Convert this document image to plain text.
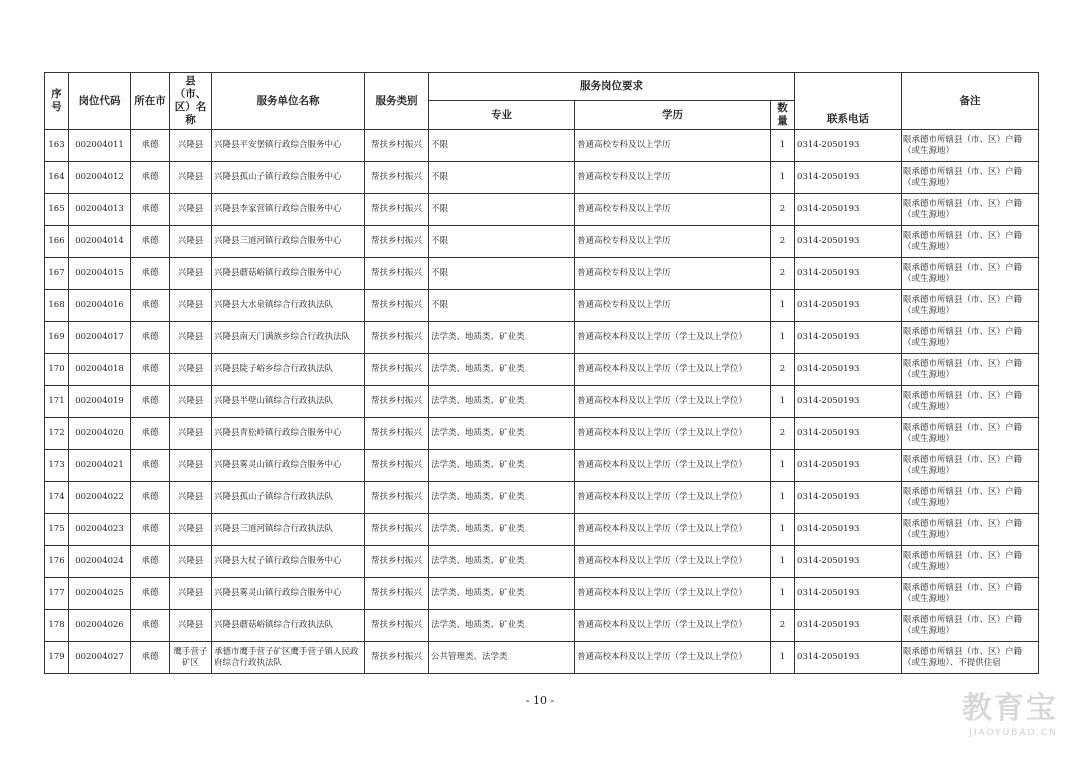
序号	岗位代码	所在市	县（市、区）名称	服务单位名称	服务类别	服务岗位要求			联系电话	备注
						专业	学历	数量		
163	002004011	承德	兴隆县	兴隆县平安堡镇行政综合服务中心	帮扶乡村振兴	不限	普通高校专科及以上学历	1	0314-2050193	限承德市所辖县（市、区）户籍（或生源地）
164	002004012	承德	兴隆县	兴隆县孤山子镇行政综合服务中心	帮扶乡村振兴	不限	普通高校专科及以上学历	1	0314-2050193	限承德市所辖县（市、区）户籍（或生源地）
165	002004013	承德	兴隆县	兴隆县李家营镇行政综合服务中心	帮扶乡村振兴	不限	普通高校专科及以上学历	2	0314-2050193	限承德市所辖县（市、区）户籍（或生源地）
166	002004014	承德	兴隆县	兴隆县三道河镇行政综合服务中心	帮扶乡村振兴	不限	普通高校专科及以上学历	2	0314-2050193	限承德市所辖县（市、区）户籍（或生源地）
167	002004015	承德	兴隆县	兴隆县蘑菇峪镇行政综合服务中心	帮扶乡村振兴	不限	普通高校专科及以上学历	2	0314-2050193	限承德市所辖县（市、区）户籍（或生源地）
168	002004016	承德	兴隆县	兴隆县大水泉镇综合行政执法队	帮扶乡村振兴	不限	普通高校专科及以上学历	1	0314-2050193	限承德市所辖县（市、区）户籍（或生源地）
169	002004017	承德	兴隆县	兴隆县南天门满族乡综合行政执法队	帮扶乡村振兴	法学类、地质类、矿业类	普通高校本科及以上学历（学士及以上学位）	1	0314-2050193	限承德市所辖县（市、区）户籍（或生源地）
170	002004018	承德	兴隆县	兴隆县陡子峪乡综合行政执法队	帮扶乡村振兴	法学类、地质类、矿业类	普通高校本科及以上学历（学士及以上学位）	2	0314-2050193	限承德市所辖县（市、区）户籍（或生源地）
171	002004019	承德	兴隆县	兴隆县半壁山镇综合行政执法队	帮扶乡村振兴	法学类、地质类、矿业类	普通高校本科及以上学历（学士及以上学位）	1	0314-2050193	限承德市所辖县（市、区）户籍（或生源地）
172	002004020	承德	兴隆县	兴隆县青松岭镇行政综合服务中心	帮扶乡村振兴	法学类、地质类、矿业类	普通高校本科及以上学历（学士及以上学位）	2	0314-2050193	限承德市所辖县（市、区）户籍（或生源地）
173	002004021	承德	兴隆县	兴隆县雾灵山镇行政综合服务中心	帮扶乡村振兴	法学类、地质类、矿业类	普通高校本科及以上学历（学士及以上学位）	1	0314-2050193	限承德市所辖县（市、区）户籍（或生源地）
174	002004022	承德	兴隆县	兴隆县孤山子镇综合行政执法队	帮扶乡村振兴	法学类、地质类、矿业类	普通高校本科及以上学历（学士及以上学位）	1	0314-2050193	限承德市所辖县（市、区）户籍（或生源地）
175	002004023	承德	兴隆县	兴隆县三道河镇综合行政执法队	帮扶乡村振兴	法学类、地质类、矿业类	普通高校本科及以上学历（学士及以上学位）	1	0314-2050193	限承德市所辖县（市、区）户籍（或生源地）
176	002004024	承德	兴隆县	兴隆县大杖子镇行政综合服务中心	帮扶乡村振兴	法学类、地质类、矿业类	普通高校本科及以上学历（学士及以上学位）	1	0314-2050193	限承德市所辖县（市、区）户籍（或生源地）
177	002004025	承德	兴隆县	兴隆县雾灵山镇行政综合服务中心	帮扶乡村振兴	法学类、地质类、矿业类	普通高校本科及以上学历（学士及以上学位）	1	0314-2050193	限承德市所辖县（市、区）户籍（或生源地）
178	002004026	承德	兴隆县	兴隆县蘑菇峪镇综合行政执法队	帮扶乡村振兴	法学类、地质类、矿业类	普通高校本科及以上学历（学士及以上学位）	2	0314-2050193	限承德市所辖县（市、区）户籍（或生源地）
179	002004027	承德	鹰手营子矿区	承德市鹰手营子矿区鹰手营子镇人民政府综合行政执法队	帮扶乡村振兴	公共管理类、法学类	普通高校本科及以上学历（学士及以上学位）	1	0314-2050193	限承德市所辖县（市、区）户籍（或生源地）、不提供住宿
- 10 -	教育宝
JIAOYUBAO.CN
